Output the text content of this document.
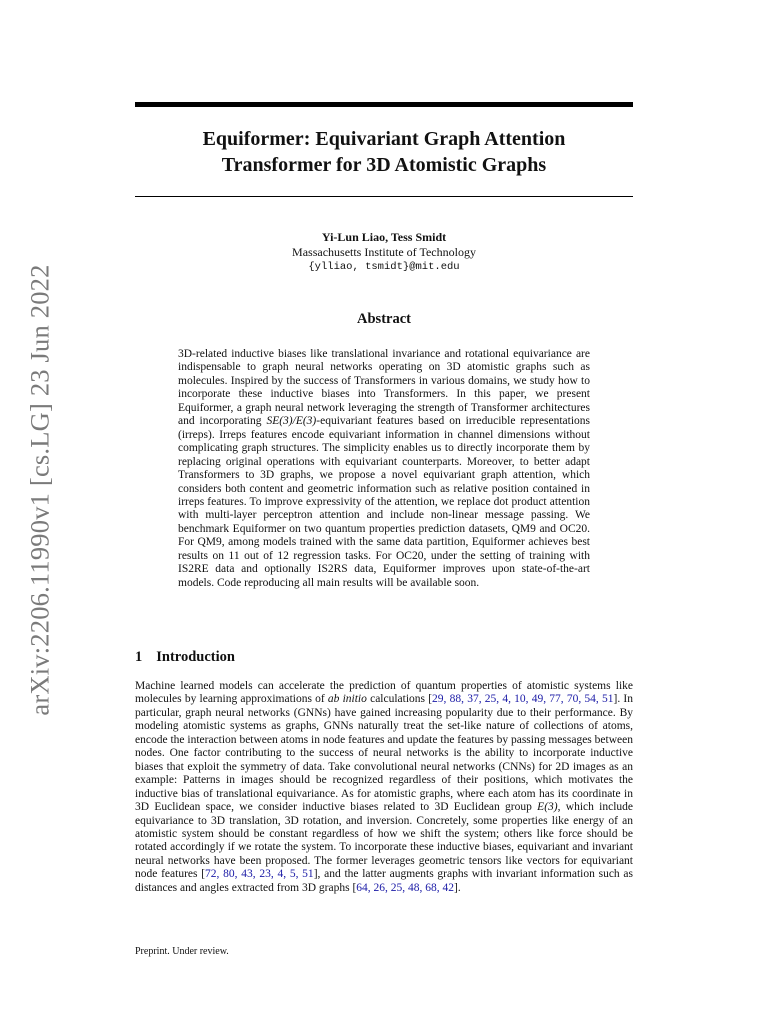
arXiv:2206.11990v1 [cs.LG] 23 Jun 2022
Equiformer: Equivariant Graph Attention
Transformer for 3D Atomistic Graphs
Yi-Lun Liao, Tess Smidt
Massachusetts Institute of Technology
{ylliao, tsmidt}@mit.edu
Abstract

3D-related inductive biases like translational invariance and rotational equivariance are indispensable to graph neural networks operating on 3D atomistic graphs such as molecules. Inspired by the success of Transformers in various domains, we study how to incorporate these inductive biases into Transformers. In this paper, we present Equiformer, a graph neural network leveraging the strength of Transformer architectures and incorporating SE(3)/E(3)-equivariant features based on irreducible representations (irreps). Irreps features encode equivariant information in channel dimensions without complicating graph structures. The simplicity enables us to directly incorporate them by replacing original operations with equivariant counterparts. Moreover, to better adapt Transformers to 3D graphs, we propose a novel equivariant graph attention, which considers both content and geometric information such as relative position contained in irreps features. To improve expressivity of the attention, we replace dot product attention with multi-layer perceptron attention and include non-linear message passing. We benchmark Equiformer on two quantum properties prediction datasets, QM9 and OC20. For QM9, among models trained with the same data partition, Equiformer achieves best results on 11 out of 12 regression tasks. For OC20, under the setting of training with IS2RE data and optionally IS2RS data, Equiformer improves upon state-of-the-art models. Code reproducing all main results will be available soon.

1 Introduction

Machine learned models can accelerate the prediction of quantum properties of atomistic systems like molecules by learning approximations of ab initio calculations [29, 88, 37, 25, 4, 10, 49, 77, 70, 54, 51]. In particular, graph neural networks (GNNs) have gained increasing popularity due to their performance. By modeling atomistic systems as graphs, GNNs naturally treat the set-like nature of collections of atoms, encode the interaction between atoms in node features and update the features by passing messages between nodes. One factor contributing to the success of neural networks is the ability to incorporate inductive biases that exploit the symmetry of data. Take convolutional neural networks (CNNs) for 2D images as an example: Patterns in images should be recognized regardless of their positions, which motivates the inductive bias of translational equivariance. As for atomistic graphs, where each atom has its coordinate in 3D Euclidean space, we consider inductive biases related to 3D Euclidean group E(3), which include equivariance to 3D translation, 3D rotation, and inversion. Concretely, some properties like energy of an atomistic system should be constant regardless of how we shift the system; others like force should be rotated accordingly if we rotate the system. To incorporate these inductive biases, equivariant and invariant neural networks have been proposed. The former leverages geometric tensors like vectors for equivariant node features [72, 80, 43, 23, 4, 5, 51], and the latter augments graphs with invariant information such as distances and angles extracted from 3D graphs [64, 26, 25, 48, 68, 42].

Preprint. Under review.
